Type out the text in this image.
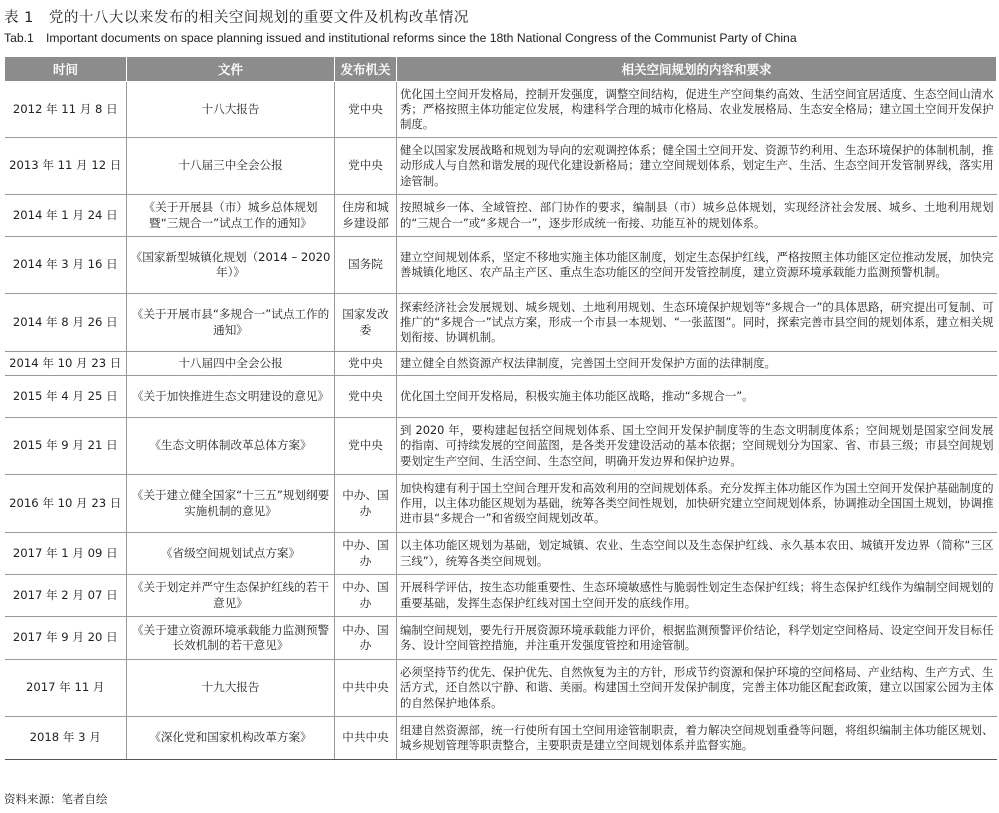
表 1　党的十八大以来发布的相关空间规划的重要文件及机构改革情况
Tab.1　Important documents on space planning issued and institutional reforms since the 18th National Congress of the Communist Party of China
时间	文件	发布机关	相关空间规划的内容和要求
2012 年 11 月 8 日	十八大报告	党中央	优化国土空间开发格局，控制开发强度，调整空间结构，促进生产空间集约高效、生活空间宜居适度、生态空间山清水秀；严格按照主体功能定位发展，构建科学合理的城市化格局、农业发展格局、生态安全格局；建立国土空间开发保护制度。
2013 年 11 月 12 日	十八届三中全会公报	党中央	健全以国家发展战略和规划为导向的宏观调控体系；健全国土空间开发、资源节约利用、生态环境保护的体制机制，推动形成人与自然和谐发展的现代化建设新格局；建立空间规划体系，划定生产、生活、生态空间开发管制界线，落实用途管制。
2014 年 1 月 24 日	《关于开展县（市）城乡总体规划暨“三规合一”试点工作的通知》	住房和城乡建设部	按照城乡一体、全域管控、部门协作的要求，编制县（市）城乡总体规划，实现经济社会发展、城乡、土地利用规划的“三规合一”或“多规合一”，逐步形成统一衔接、功能互补的规划体系。
2014 年 3 月 16 日	《国家新型城镇化规划（2014 – 2020 年）》	国务院	建立空间规划体系，坚定不移地实施主体功能区制度，划定生态保护红线，严格按照主体功能区定位推动发展，加快完善城镇化地区、农产品主产区、重点生态功能区的空间开发管控制度，建立资源环境承载能力监测预警机制。
2014 年 8 月 26 日	《关于开展市县“多规合一”试点工作的通知》	国家发改委	探索经济社会发展规划、城乡规划、土地利用规划、生态环境保护规划等“多规合一”的具体思路，研究提出可复制、可推广的“多规合一”试点方案，形成一个市县一本规划、“一张蓝图”。同时，探索完善市县空间的规划体系，建立相关规划衔接、协调机制。
2014 年 10 月 23 日	十八届四中全会公报	党中央	建立健全自然资源产权法律制度，完善国土空间开发保护方面的法律制度。
2015 年 4 月 25 日	《关于加快推进生态文明建设的意见》	党中央	优化国土空间开发格局，积极实施主体功能区战略，推动“多规合一”。
2015 年 9 月 21 日	《生态文明体制改革总体方案》	党中央	到 2020 年，要构建起包括空间规划体系、国土空间开发保护制度等的生态文明制度体系；空间规划是国家空间发展的指南、可持续发展的空间蓝图，是各类开发建设活动的基本依据；空间规划分为国家、省、市县三级；市县空间规划要划定生产空间、生活空间、生态空间，明确开发边界和保护边界。
2016 年 10 月 23 日	《关于建立健全国家“十三五”规划纲要实施机制的意见》	中办、国办	加快构建有利于国土空间合理开发和高效利用的空间规划体系。充分发挥主体功能区作为国土空间开发保护基础制度的作用，以主体功能区规划为基础，统筹各类空间性规划，加快研究建立空间规划体系，协调推动全国国土规划，协调推进市县“多规合一”和省级空间规划改革。
2017 年 1 月 09 日	《省级空间规划试点方案》	中办、国办	以主体功能区规划为基础，划定城镇、农业、生态空间以及生态保护红线、永久基本农田、城镇开发边界（简称“三区三线”），统筹各类空间规划。
2017 年 2 月 07 日	《关于划定并严守生态保护红线的若干意见》	中办、国办	开展科学评估，按生态功能重要性、生态环境敏感性与脆弱性划定生态保护红线；将生态保护红线作为编制空间规划的重要基础，发挥生态保护红线对国土空间开发的底线作用。
2017 年 9 月 20 日	《关于建立资源环境承载能力监测预警长效机制的若干意见》	中办、国办	编制空间规划，要先行开展资源环境承载能力评价，根据监测预警评价结论，科学划定空间格局、设定空间开发目标任务、设计空间管控措施，并注重开发强度管控和用途管制。
2017 年 11 月	十九大报告	中共中央	必须坚持节约优先、保护优先、自然恢复为主的方针，形成节约资源和保护环境的空间格局、产业结构、生产方式、生活方式，还自然以宁静、和谐、美丽。构建国土空间开发保护制度，完善主体功能区配套政策，建立以国家公园为主体的自然保护地体系。
2018 年 3 月	《深化党和国家机构改革方案》	中共中央	组建自然资源部，统一行使所有国土空间用途管制职责，着力解决空间规划重叠等问题，将组织编制主体功能区规划、城乡规划管理等职责整合，主要职责是建立空间规划体系并监督实施。
资料来源：笔者自绘
